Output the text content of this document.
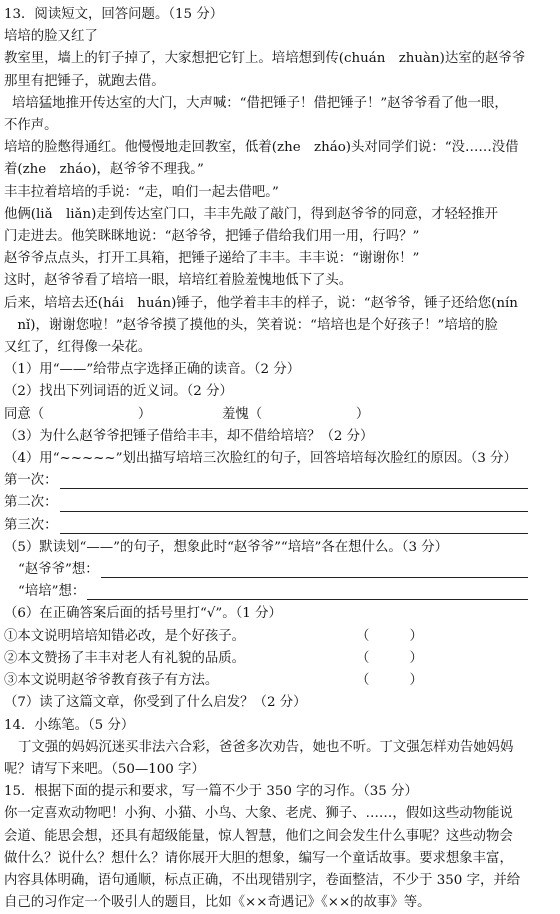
13．阅读短文，回答问题。（15 分）
培培的脸又红了
教室里，墙上的钉子掉了，大家想把它钉上。培培想到传(chuán　zhuàn)达室的赵爷爷
那里有把锤子，就跑去借。
培培猛地推开传达室的大门，大声喊：“借把锤子！借把锤子！”赵爷爷看了他一眼，
不作声。
培培的脸憋得通红。他慢慢地走回教室，低着(zhe　zháo)头对同学们说：“没……没借
着(zhe　zháo)，赵爷爷不理我。”
丰丰拉着培培的手说：“走，咱们一起去借吧。”
他俩(liǎ　liǎn)走到传达室门口，丰丰先敲了敲门，得到赵爷爷的同意，才轻轻推开
门走进去。他笑眯眯地说：“赵爷爷，把锤子借给我们用一用，行吗？”
赵爷爷点点头，打开工具箱，把锤子递给了丰丰。丰丰说：“谢谢你！”
这时，赵爷爷看了培培一眼，培培红着脸羞愧地低下了头。
后来，培培去还(hái　huán)锤子，他学着丰丰的样子，说：“赵爷爷，锤子还给您(nín
　nǐ)，谢谢您啦！”赵爷爷摸了摸他的头，笑着说：“培培也是个好孩子！”培培的脸
又红了，红得像一朵花。
（1）用“——”给带点字选择正确的读音。（2 分）
（2）找出下列词语的近义词。（2 分）
同意（　　　　　　　）	羞愧（　　　　　　　）
（3）为什么赵爷爷把锤子借给丰丰，却不借给培培？（2 分）
（4）用“~~~~~”划出描写培培三次脸红的句子，回答培培每次脸红的原因。（3 分）
第一次：
第二次：
第三次：
（5）默读划“——”的句子，想象此时“赵爷爷”“培培”各在想什么。（3 分）
“赵爷爷”想：
“培培”想：
（6）在正确答案后面的括号里打“√”。（1 分）
①本文说明培培知错必改，是个好孩子。	（　　　）
②本文赞扬了丰丰对老人有礼貌的品质。	（　　　）
③本文说明赵爷爷教育孩子有方法。	（　　　）
（7）读了这篇文章，你受到了什么启发？（2 分）
14．小练笔。（5 分）
丁文强的妈妈沉迷买非法六合彩，爸爸多次劝告，她也不听。丁文强怎样劝告她妈妈
呢？请写下来吧。（50—100 字）
15．根据下面的提示和要求，写一篇不少于 350 字的习作。（35 分）
你一定喜欢动物吧！小狗、小猫、小鸟、大象、老虎、狮子、……，假如这些动物能说
会道、能思会想，还具有超级能量，惊人智慧，他们之间会发生什么事呢？这些动物会
做什么？说什么？想什么？请你展开大胆的想象，编写一个童话故事。要求想象丰富，
内容具体明确，语句通顺，标点正确，不出现错别字，卷面整洁，不少于 350 字，并给
自己的习作定一个吸引人的题目，比如《××奇遇记》《××的故事》等。
